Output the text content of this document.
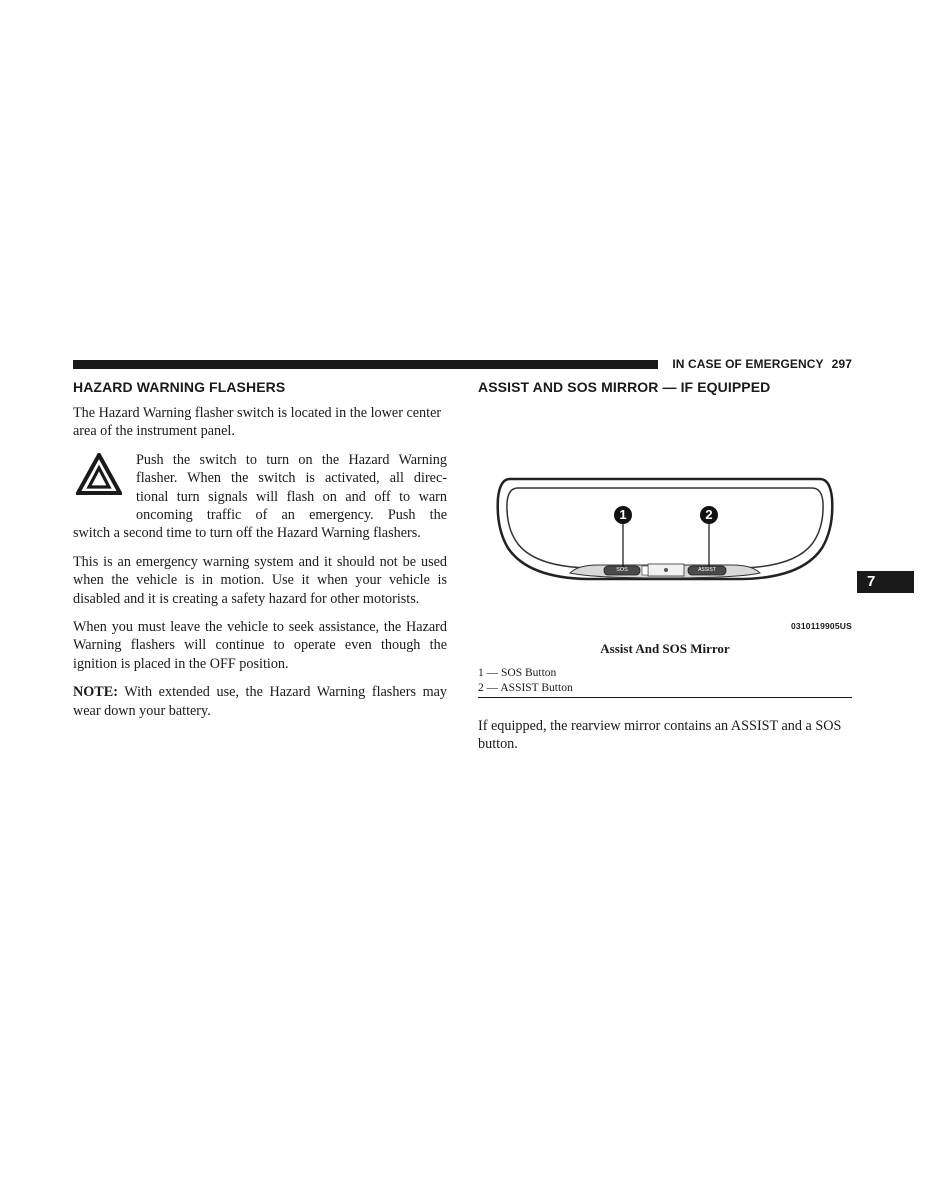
IN CASE OF EMERGENCY 297
7
HAZARD WARNING FLASHERS

The Hazard Warning flasher switch is located in the lower center area of the instrument panel.

Push the switch to turn on the Hazard Warning

flasher. When the switch is activated, all direc-

tional turn signals will flash on and off to warn

oncoming traffic of an emergency. Push the

switch a second time to turn off the Hazard Warning flashers.

This is an emergency warning system and it should not be used when the vehicle is in motion. Use it when your vehicle is disabled and it is creating a safety hazard for other motorists.

When you must leave the vehicle to seek assistance, the Hazard Warning flashers will continue to operate even though the ignition is placed in the OFF position.

NOTE: With extended use, the Hazard Warning flashers may wear down your battery.

ASSIST AND SOS MIRROR — IF EQUIPPED
1	2
SOS	ASSIST
0310119905US
Assist And SOS Mirror
1 — SOS Button
2 — ASSIST Button

If equipped, the rearview mirror contains an ASSIST and a SOS button.
